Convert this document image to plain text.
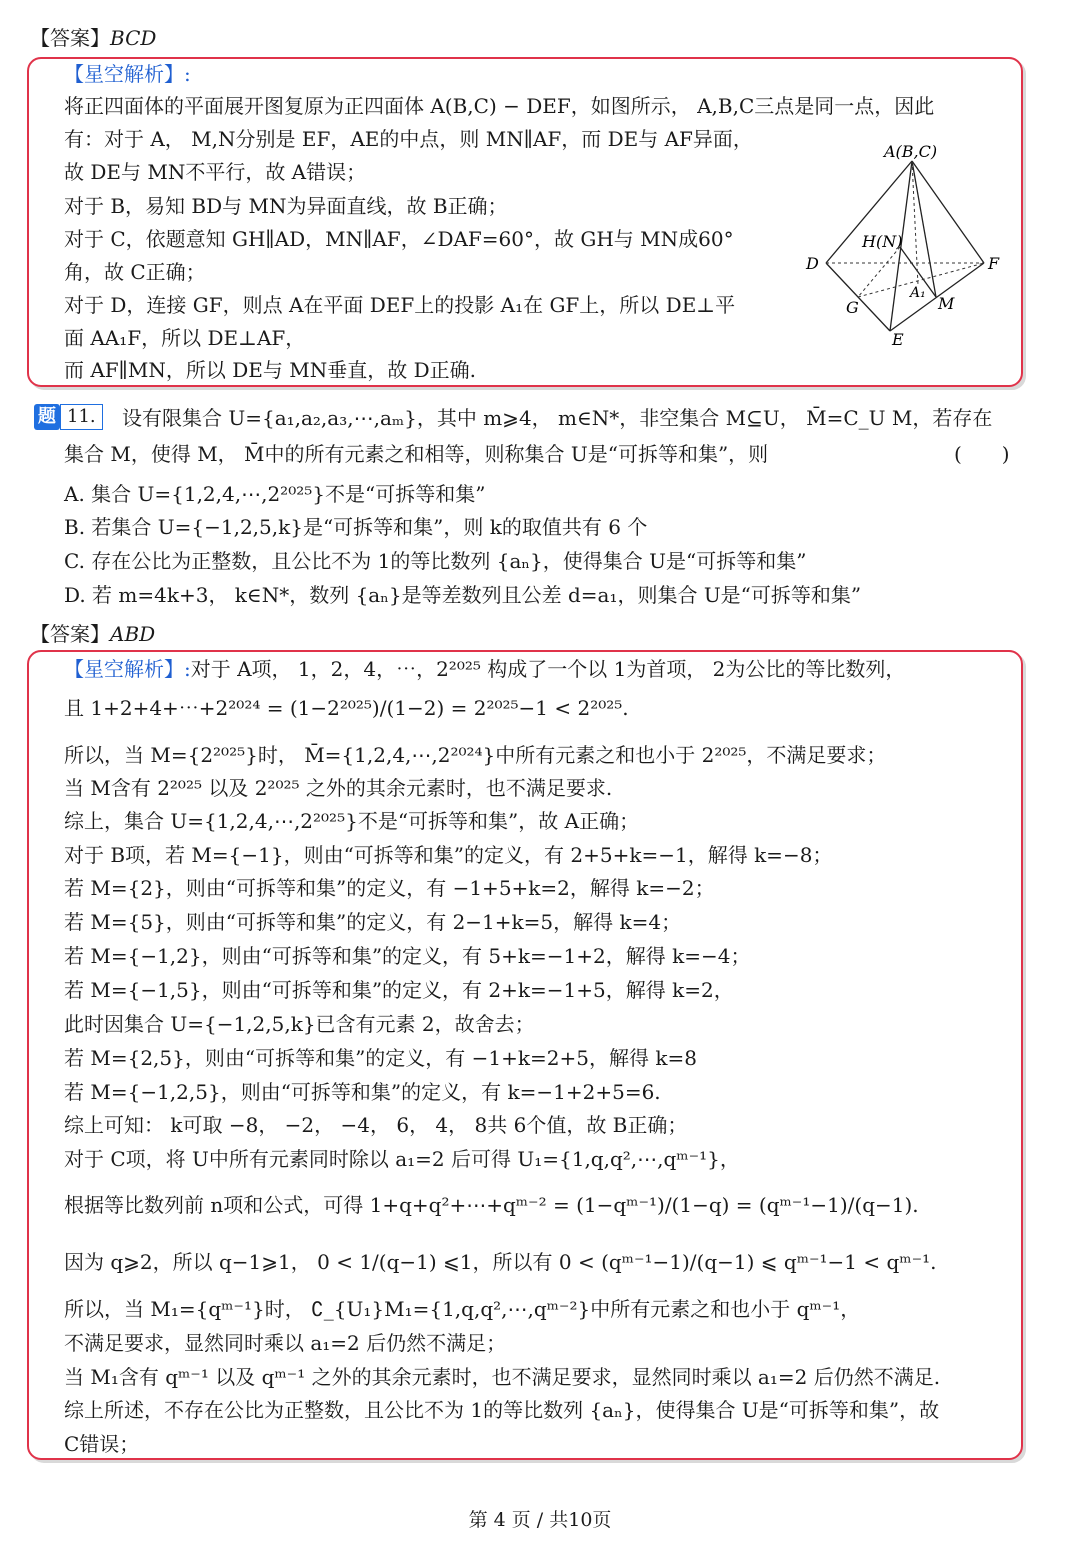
【答案】BCD
【星空解析】:
将正四面体的平面展开图复原为正四面体 A(B,C) − DEF，如图所示， A,B,C三点是同一点，因此
有：对于 A， M,N分别是 EF，AE的中点，则 MN∥AF，而 DE与 AF异面，
故 DE与 MN不平行，故 A错误；
对于 B，易知 BD与 MN为异面直线，故 B正确；
对于 C，依题意知 GH∥AD，MN∥AF，∠DAF=60°，故 GH与 MN成60°
角，故 C正确；
对于 D，连接 GF，则点 A在平面 DEF上的投影 A₁在 GF上，所以 DE⊥平
面 AA₁F，所以 DE⊥AF，
而 AF∥MN，所以 DE与 MN垂直，故 D正确.
A(B,C)
H(N)
D	F
A₁
G	M
E
题 11.	设有限集合 U={a₁,a₂,a₃,⋯,aₘ}，其中 m⩾4， m∈N*，非空集合 M⊆U， M̄=C_U M，若存在
集合 M，使得 M， M̄中的所有元素之和相等，则称集合 U是“可拆等和集”，则	(　　)
A. 集合 U={1,2,4,⋯,2²⁰²⁵}不是“可拆等和集”
B. 若集合 U={−1,2,5,k}是“可拆等和集”，则 k的取值共有 6 个
C. 存在公比为正整数，且公比不为 1的等比数列 {aₙ}，使得集合 U是“可拆等和集”
D. 若 m=4k+3， k∈N*，数列 {aₙ}是等差数列且公差 d=a₁，则集合 U是“可拆等和集”
【答案】ABD
【星空解析】:对于 A项， 1，2，4，⋯，2²⁰²⁵ 构成了一个以 1为首项， 2为公比的等比数列，
且 1+2+4+⋯+2²⁰²⁴ = (1−2²⁰²⁵)/(1−2) = 2²⁰²⁵−1 < 2²⁰²⁵.
所以，当 M={2²⁰²⁵}时， M̄={1,2,4,⋯,2²⁰²⁴}中所有元素之和也小于 2²⁰²⁵，不满足要求；
当 M含有 2²⁰²⁵ 以及 2²⁰²⁵ 之外的其余元素时，也不满足要求.
综上，集合 U={1,2,4,⋯,2²⁰²⁵}不是“可拆等和集”，故 A正确；
对于 B项，若 M={−1}，则由“可拆等和集”的定义，有 2+5+k=−1，解得 k=−8；
若 M={2}，则由“可拆等和集”的定义，有 −1+5+k=2，解得 k=−2；
若 M={5}，则由“可拆等和集”的定义，有 2−1+k=5，解得 k=4；
若 M={−1,2}，则由“可拆等和集”的定义，有 5+k=−1+2，解得 k=−4；
若 M={−1,5}，则由“可拆等和集”的定义，有 2+k=−1+5，解得 k=2，
此时因集合 U={−1,2,5,k}已含有元素 2，故舍去；
若 M={2,5}，则由“可拆等和集”的定义，有 −1+k=2+5，解得 k=8
若 M={−1,2,5}，则由“可拆等和集”的定义，有 k=−1+2+5=6.
综上可知： k可取 −8， −2， −4， 6， 4， 8共 6个值，故 B正确；
对于 C项，将 U中所有元素同时除以 a₁=2 后可得 U₁={1,q,q²,⋯,qᵐ⁻¹}，
根据等比数列前 n项和公式，可得 1+q+q²+⋯+qᵐ⁻² = (1−qᵐ⁻¹)/(1−q) = (qᵐ⁻¹−1)/(q−1).
因为 q⩾2，所以 q−1⩾1， 0 < 1/(q−1) ⩽1，所以有 0 < (qᵐ⁻¹−1)/(q−1) ⩽ qᵐ⁻¹−1 < qᵐ⁻¹.
所以，当 M₁={qᵐ⁻¹}时， ∁_{U₁}M₁={1,q,q²,⋯,qᵐ⁻²}中所有元素之和也小于 qᵐ⁻¹，
不满足要求，显然同时乘以 a₁=2 后仍然不满足；
当 M₁含有 qᵐ⁻¹ 以及 qᵐ⁻¹ 之外的其余元素时，也不满足要求，显然同时乘以 a₁=2 后仍然不满足.
综上所述，不存在公比为正整数，且公比不为 1的等比数列 {aₙ}，使得集合 U是“可拆等和集”，故
C错误；
第 4 页 / 共10页
